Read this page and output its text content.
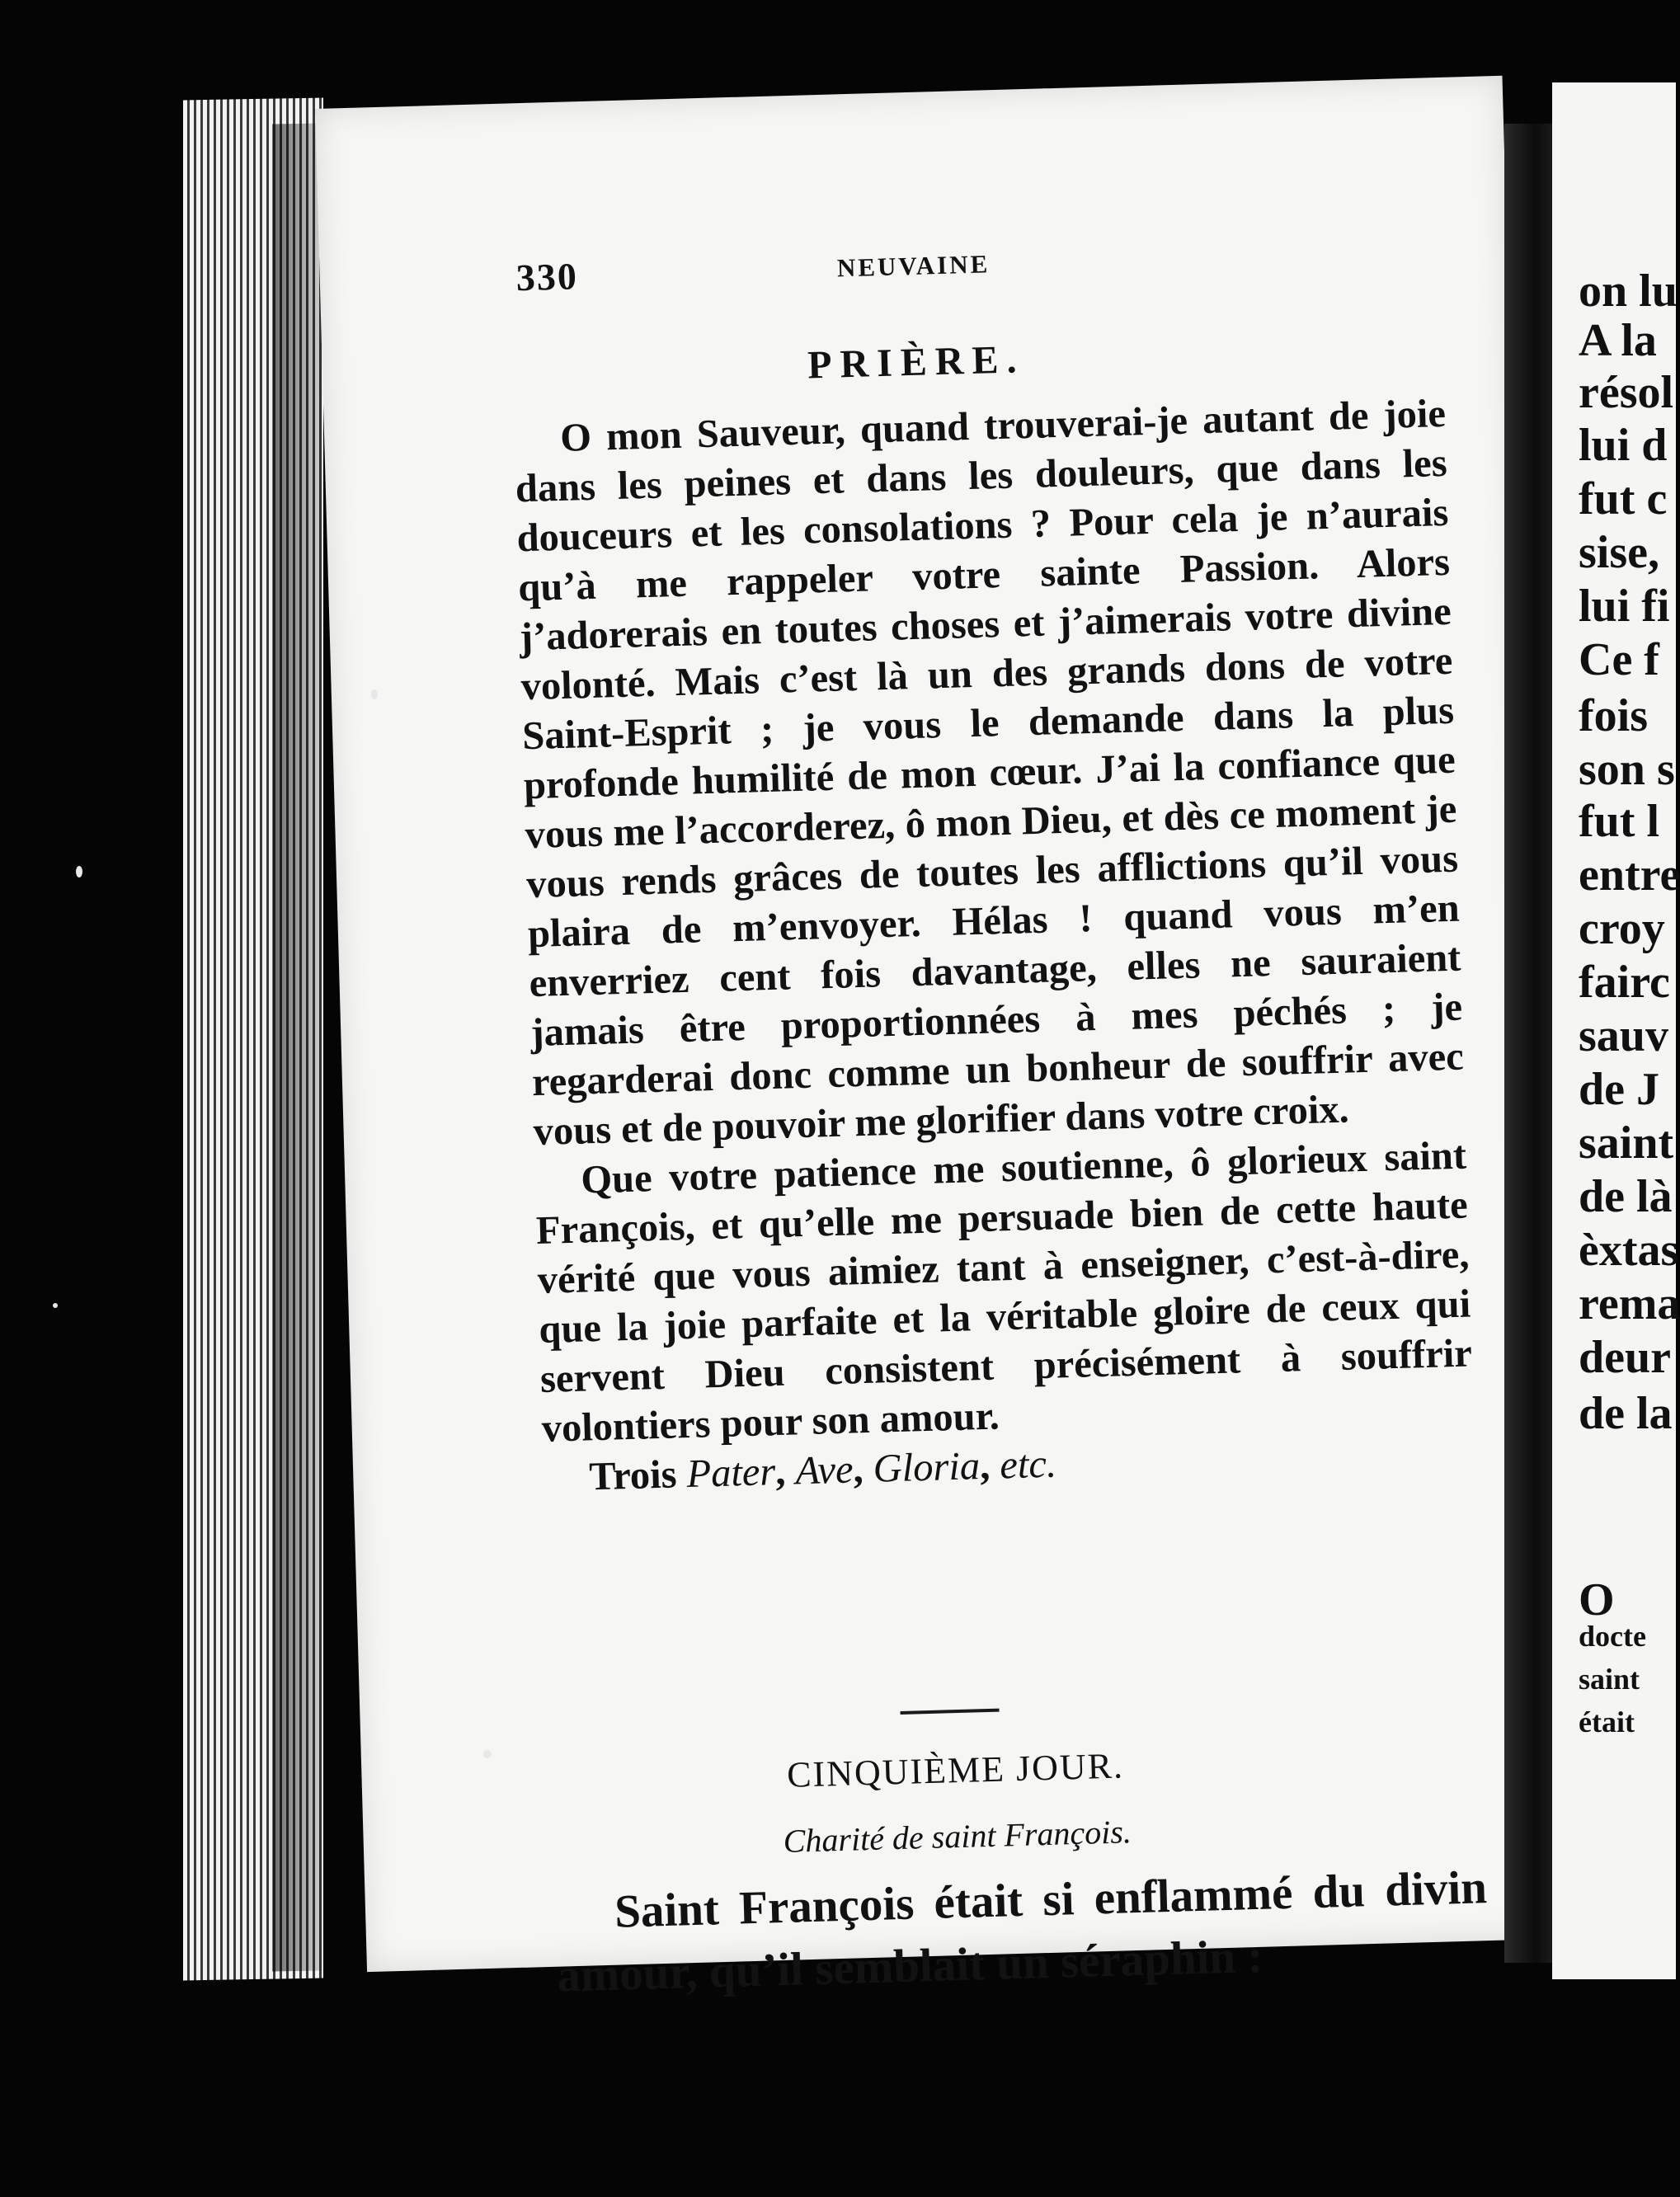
330	NEUVAINE
PRIÈRE.

O mon Sauveur, quand trouverai-je autant de joie dans les peines et dans les douleurs, que dans les douceurs et les consolations ? Pour cela je n’aurais qu’à me rappeler votre sainte Passion. Alors j’adorerais en toutes choses et j’aimerais votre divine volonté. Mais c’est là un des grands dons de votre Saint-Esprit ; je vous le demande dans la plus profonde humilité de mon cœur. J’ai la confiance que vous me l’accorderez, ô mon Dieu, et dès ce moment je vous rends grâces de toutes les afflictions qu’il vous plaira de m’envoyer. Hélas ! quand vous m’en enverriez cent fois davantage, elles ne sauraient jamais être proportionnées à mes péchés ; je regarderai donc comme un bonheur de souffrir avec vous et de pouvoir me glorifier dans votre croix.

Que votre patience me soutienne, ô glorieux saint François, et qu’elle me persuade bien de cette haute vérité que vous aimiez tant à enseigner, c’est-à-dire, que la joie parfaite et la véritable gloire de ceux qui servent Dieu consistent précisément à souffrir volontiers pour son amour.

Trois Pater, Ave, Gloria, etc.

CINQUIÈME JOUR.
Charité de saint François.

Saint François était si enflammé du divin amour, qu’il semblait un séraphin :

on lu
A la
résol
lui d
fut c
sise,
lui fi
Ce f
fois
son s
fut l
entre
croy
fairc
sauv
de J
saint
de là
èxtas
rema
deur
de la
O
docte
saint
était
